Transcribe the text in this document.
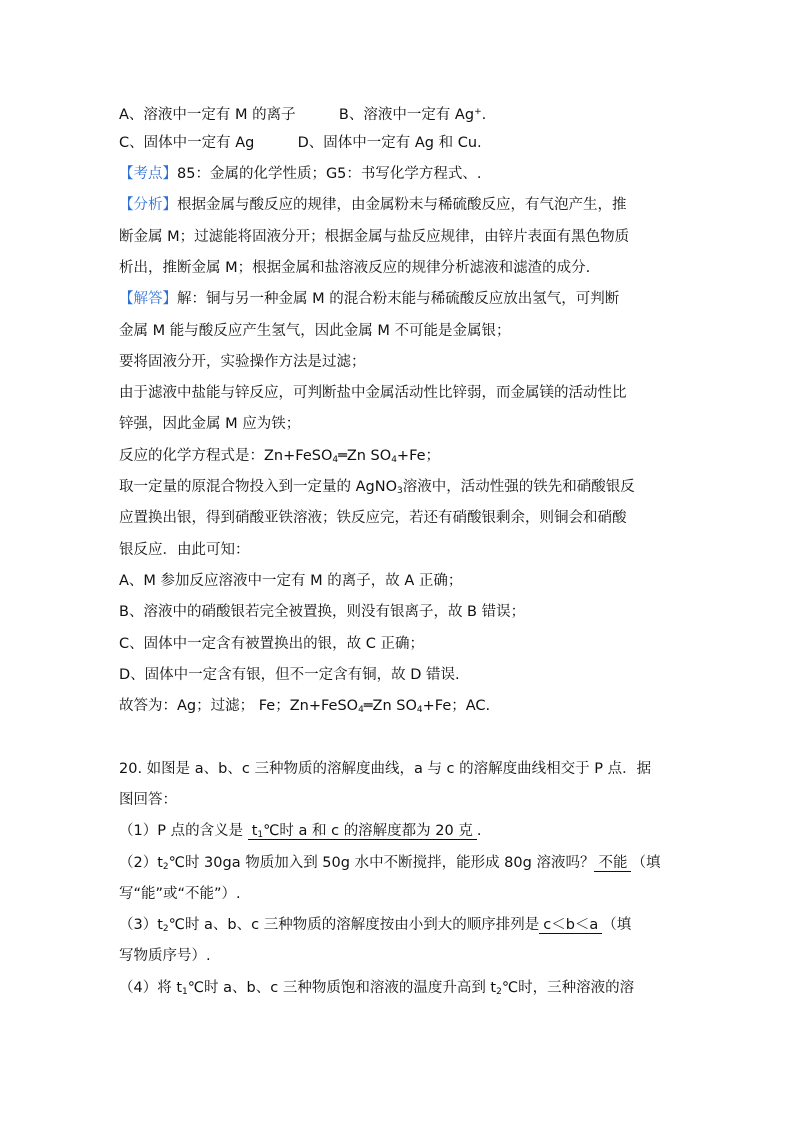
A、溶液中一定有 M 的离子	B、溶液中一定有 Ag+.
C、固体中一定有 Ag	D、固体中一定有 Ag 和 Cu.
【考点】85：金属的化学性质；G5：书写化学方程式、.
【分析】根据金属与酸反应的规律，由金属粉末与稀硫酸反应，有气泡产生，推
断金属 M；过滤能将固液分开；根据金属与盐反应规律，由锌片表面有黑色物质
析出，推断金属 M；根据金属和盐溶液反应的规律分析滤液和滤渣的成分.
【解答】解：铜与另一种金属 M 的混合粉末能与稀硫酸反应放出氢气，可判断
金属 M 能与酸反应产生氢气，因此金属 M 不可能是金属银；
要将固液分开，实验操作方法是过滤；
由于滤液中盐能与锌反应，可判断盐中金属活动性比锌弱，而金属镁的活动性比
锌强，因此金属 M 应为铁；
反应的化学方程式是：Zn+FeSO$_4$═Zn $SO_4+Fe$；
取一定量的原混合物投入到一定量的 AgNO$_3$溶液中，活动性强的铁先和硝酸银反
应置换出银，得到硝酸亚铁溶液；铁反应完，若还有硝酸银剩余，则铜会和硝酸
银反应．由此可知：
A、M 参加反应溶液中一定有 M 的离子，故 A 正确；
B、溶液中的硝酸银若完全被置换，则没有银离子，故 B 错误；
C、固体中一定含有被置换出的银，故 C 正确；
D、固体中一定含有银，但不一定含有铜，故 D 错误.
故答为：Ag；过滤； Fe；Zn+FeSO$_4$═Zn $SO_4+Fe$；AC.
20. 如图是 a、b、c 三种物质的溶解度曲线，a 与 c 的溶解度曲线相交于 P 点．据
图回答：
（1）P 点的含义是 $t_1℃$时 a 和 c 的溶解度都为 20 克 .
$(2)t_2℃$时 30ga 物质加入到 50g 水中不断搅拌，能形成 80g 溶液吗？ 不能 （填
写“能”或“不能”）.
$(3)t_2℃$时 a、b、c 三种物质的溶解度按由小到大的顺序排列是 c＜b＜a （填
写物质序号）.
（4）将 $t_1℃$时 a、b、c 三种物质饱和溶液的温度升高到 $t_2℃$时，三种溶液的溶
